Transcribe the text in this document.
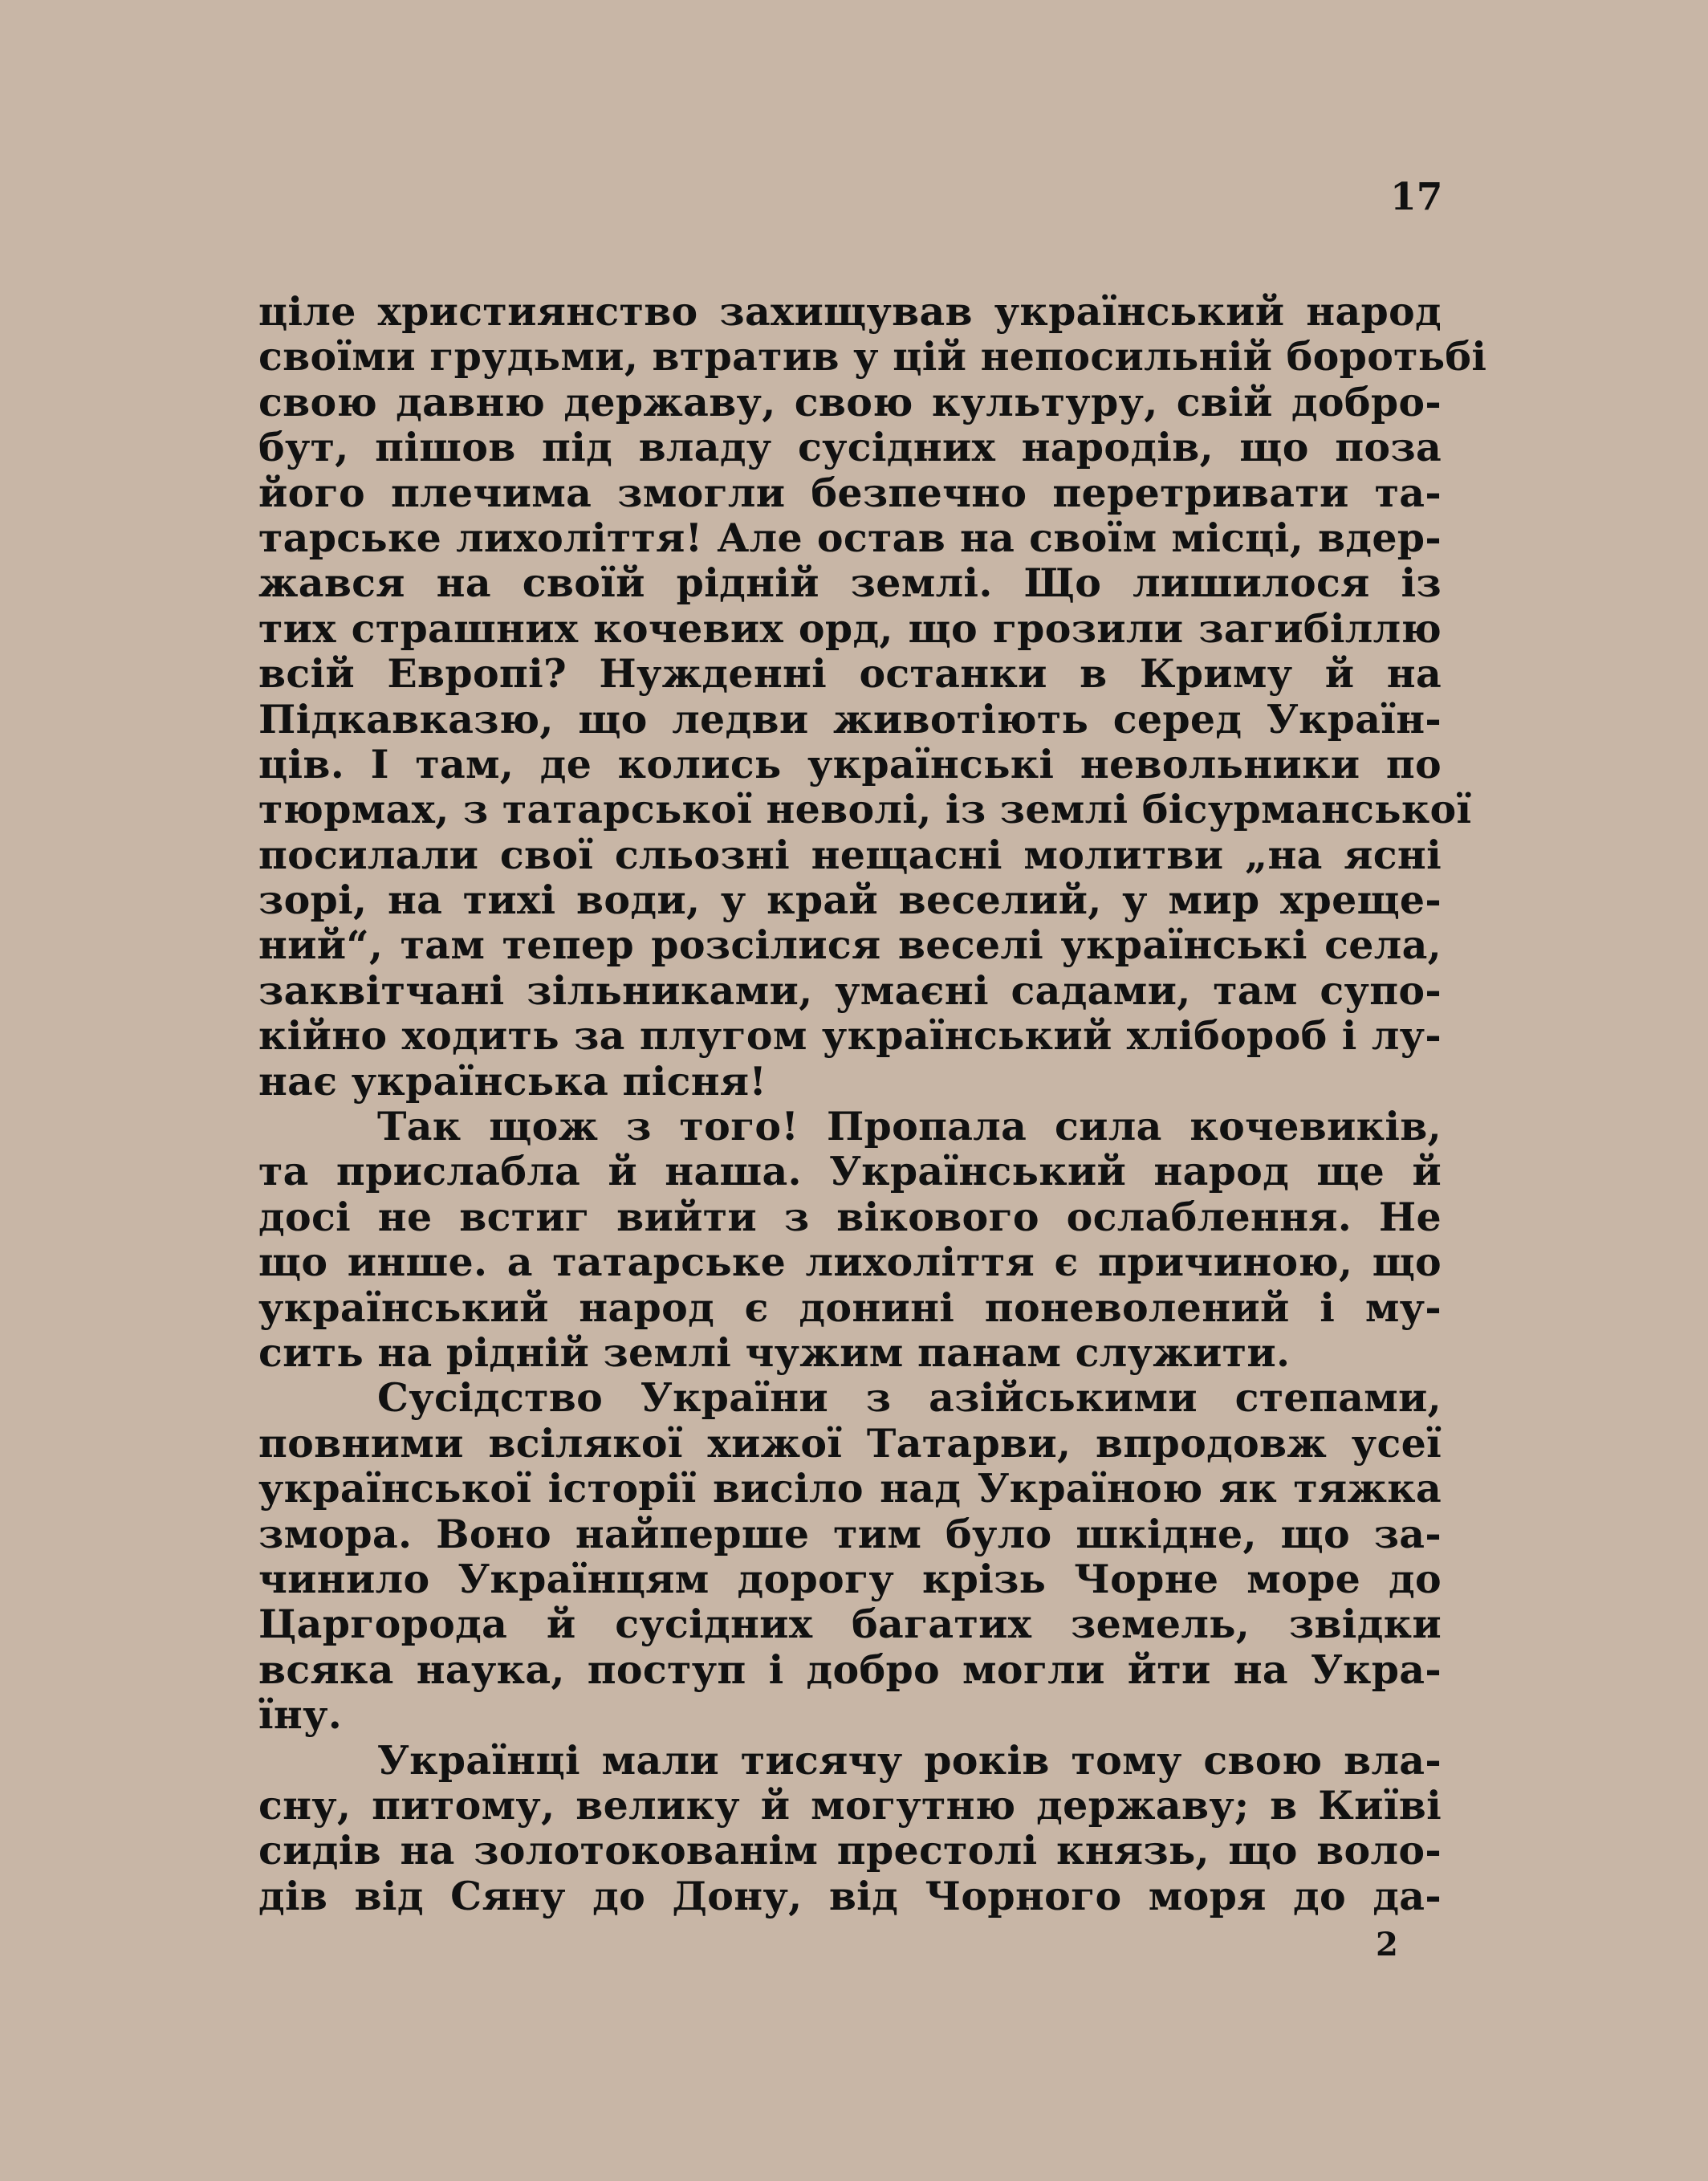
17
ціле християнство захищував український народ
своїми грудьми, втратив у цій непосильній боротьбі
свою давню державу, свою культуру, свій добро-
бут, пішов під владу сусідних народів, що поза
його плечима змогли безпечно перетривати та-
тарське лихоліття! Але остав на своїм місці, вдер-
жався на своїй рідній землі. Що лишилося із
тих страшних кочевих орд, що грозили загибіллю
всій Европі? Нужденні останки в Криму й на
Підкавказю, що ледви животіють серед Україн-
ців. І там, де колись українські невольники по
тюрмах, з татарської неволі, із землі бісурманської
посилали свої сльозні нещасні молитви „на ясні
зорі, на тихі води, у край веселий, у мир хреще-
ний“, там тепер розсілися веселі українські села,
заквітчані зільниками, умаєні садами, там супо-
кійно ходить за плугом український хлібороб і лу-
нає українська пісня!
Так щож з того! Пропала сила кочевиків,
та прислабла й наша. Український народ ще й
досі не встиг вийти з вікового ослаблення. Не
що инше. а татарське лихоліття є причиною, що
український народ є донині поневолений і му-
сить на рідній землі чужим панам служити.
Сусідство України з азійськими степами,
повними всілякої хижої Татарви, впродовж усеї
української історії висіло над Україною як тяжка
змора. Воно найперше тим було шкідне, що за-
чинило Українцям дорогу крізь Чорне море до
Царгорода й сусідних багатих земель, звідки
всяка наука, поступ і добро могли йти на Укра-
їну.
Українці мали тисячу років тому свою вла-
сну, питому, велику й могутню державу; в Київі
сидів на золотокованім престолі князь, що воло-
дів від Сяну до Дону, від Чорного моря до да-
2
